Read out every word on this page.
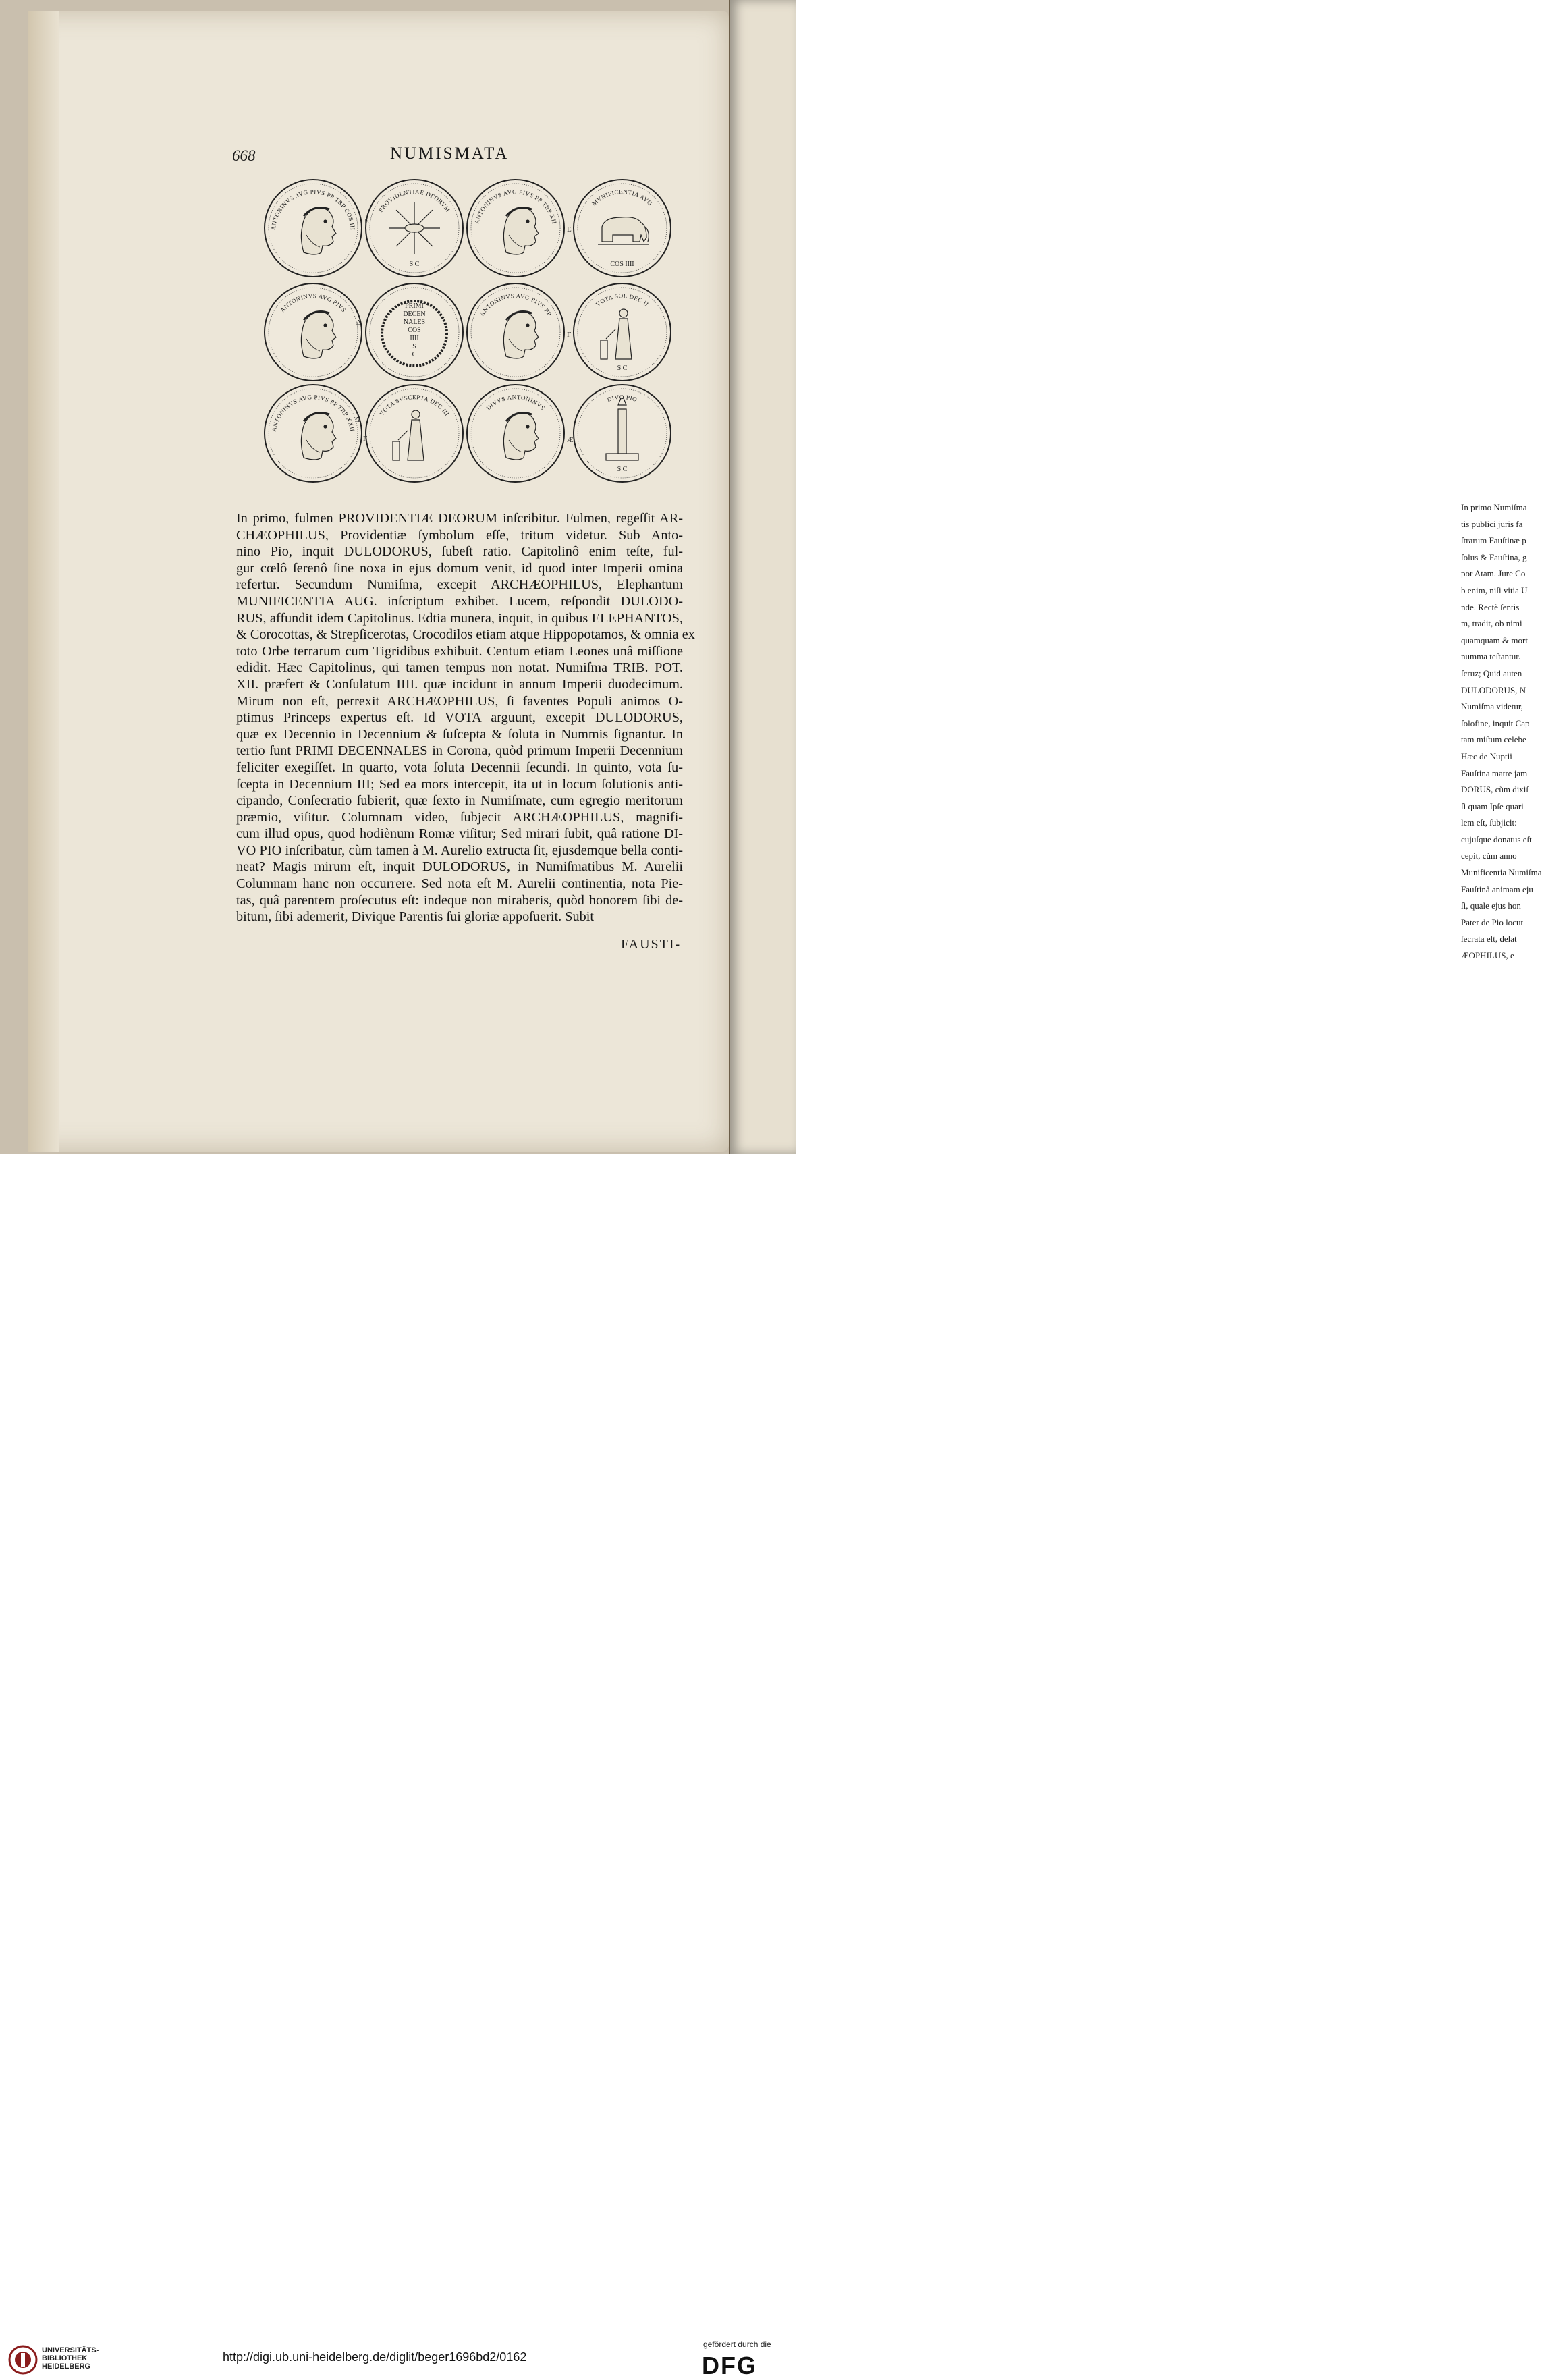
In primo Numiſma
tis publici juris fa
ſtrarum Fauſtinæ p
ſolus & Fauſtina, g
por Atam. Jure Co
b enim, niſi vitia U
nde. Rectè ſentis
m, tradit, ob nimi
quamquam & mort
numma teſtantur.
ſcruz; Quid auten
DULODORUS, N
Numiſma videtur,
ſolofine, inquit Cap
tam miſtum celebe
Hæc de Nuptii
Fauſtina matre jam
DORUS, cùm dixiſ
ſi quam Ipſe quari
lem eſt, ſubjicit:
cujuſque donatus eſt
cepit, cùm anno
Munificentia Numiſma
Fauſtinâ animam eju
ſi, quale ejus hon
Pater de Pio locut
ſecrata eſt, delat
ÆOPHILUS, e
668	NUMISMATA
ANTONINVS AVG PIVS PP TRP COS III
PROVIDENTIAE DEORVM
S C
ANTONINVS AVG PIVS PP TRP XII
MVNIFICENTIA AVG
COS IIII
ANTONINVS AVG PIVS
PRIMI DECEN NALES COS IIII S C
ANTONINVS AVG PIVS PP
VOTA SOL DEC II
S C
ANTONINVS AVG PIVS PP TRP XXII
VOTA SVSCEPTA DEC III
DIVVS ANTONINVS
DIVO PIO
S C
E
E
Δ
Γ
Δ
Γ	Æ
In primo, fulmen PROVIDENTIÆ DEORUM inſcribitur. Fulmen, regeſſit AR-
CHÆOPHILUS, Providentiæ ſymbolum eſſe, tritum videtur. Sub Anto-
nino Pio, inquit DULODORUS, ſubeſt ratio. Capitolinô enim teſte, ful-
gur cœlô ſerenô ſine noxa in ejus domum venit, id quod inter Imperii omina
refertur. Secundum Numiſma, excepit ARCHÆOPHILUS, Elephantum
MUNIFICENTIA AUG. inſcriptum exhibet. Lucem, reſpondit DULODO-
RUS, affundit idem Capitolinus. Edtia munera, inquit, in quibus ELEPHANTOS,
& Corocottas, & Strepſicerotas, Crocodilos etiam atque Hippopotamos, & omnia ex
toto Orbe terrarum cum Tigridibus exhibuit. Centum etiam Leones unâ miſſione
edidit. Hæc Capitolinus, qui tamen tempus non notat. Numiſma TRIB. POT.
XII. præfert & Conſulatum IIII. quæ incidunt in annum Imperii duodecimum.
Mirum non eſt, perrexit ARCHÆOPHILUS, ſi faventes Populi animos O-
ptimus Princeps expertus eſt. Id VOTA arguunt, excepit DULODORUS,
quæ ex Decennio in Decennium & ſuſcepta & ſoluta in Nummis ſignantur. In
tertio ſunt PRIMI DECENNALES in Corona, quòd primum Imperii Decennium
feliciter exegiſſet. In quarto, vota ſoluta Decennii ſecundi. In quinto, vota ſu-
ſcepta in Decennium III; Sed ea mors intercepit, ita ut in locum ſolutionis anti-
cipando, Conſecratio ſubierit, quæ ſexto in Numiſmate, cum egregio meritorum
præmio, viſitur. Columnam video, ſubjecit ARCHÆOPHILUS, magnifi-
cum illud opus, quod hodiènum Romæ viſitur; Sed mirari ſubit, quâ ratione DI-
VO PIO inſcribatur, cùm tamen à M. Aurelio extructa ſit, ejusdemque bella conti-
neat? Magis mirum eſt, inquit DULODORUS, in Numiſmatibus M. Aurelii
Columnam hanc non occurrere. Sed nota eſt M. Aurelii continentia, nota Pie-
tas, quâ parentem proſecutus eſt: indeque non miraberis, quòd honorem ſibi de-
bitum, ſibi ademerit, Divique Parentis ſui gloriæ appoſuerit. Subit
FAUSTI-
UNIVERSITÄTS-
BIBLIOTHEK
HEIDELBERG
http://digi.ub.uni-heidelberg.de/diglit/beger1696bd2/0162
gefördert durch die
DFG
